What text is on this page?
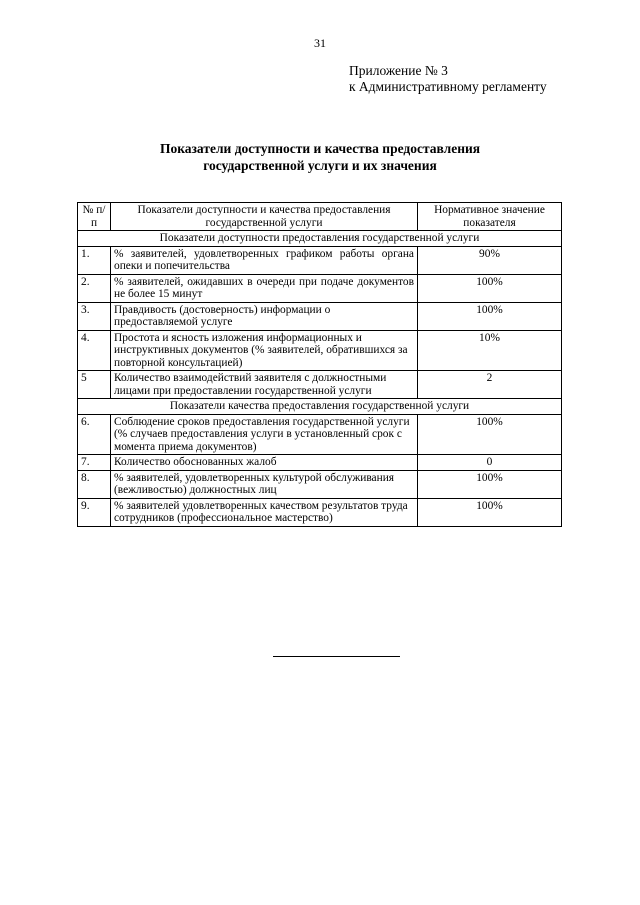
31
Приложение № 3
к Административному регламенту
Показатели доступности и качества предоставления
государственной услуги и их значения
№ п/п	Показатели доступности и качества предоставления государственной услуги	Нормативное значение показателя
Показатели доступности предоставления государственной услуги		
1.	% заявителей, удовлетворенных графиком работы органа опеки и попечительства	90%
2.	% заявителей, ожидавших в очереди при подаче документов не более 15 минут	100%
3.	Правдивость (достоверность) информации о предоставляемой услуге	100%
4.	Простота и ясность изложения информационных и инструктивных документов (% заявителей, обратившихся за повторной консультацией)	10%
5	Количество взаимодействий заявителя с должностными лицами при предоставлении государственной услуги	2
Показатели качества предоставления государственной услуги		
6.	Соблюдение сроков предоставления государственной услуги (% случаев предоставления услуги в установленный срок с момента приема документов)	100%
7.	Количество обоснованных жалоб	0
8.	% заявителей, удовлетворенных культурой обслуживания (вежливостью) должностных лиц	100%
9.	% заявителей удовлетворенных качеством результатов труда сотрудников (профессиональное мастерство)	100%
